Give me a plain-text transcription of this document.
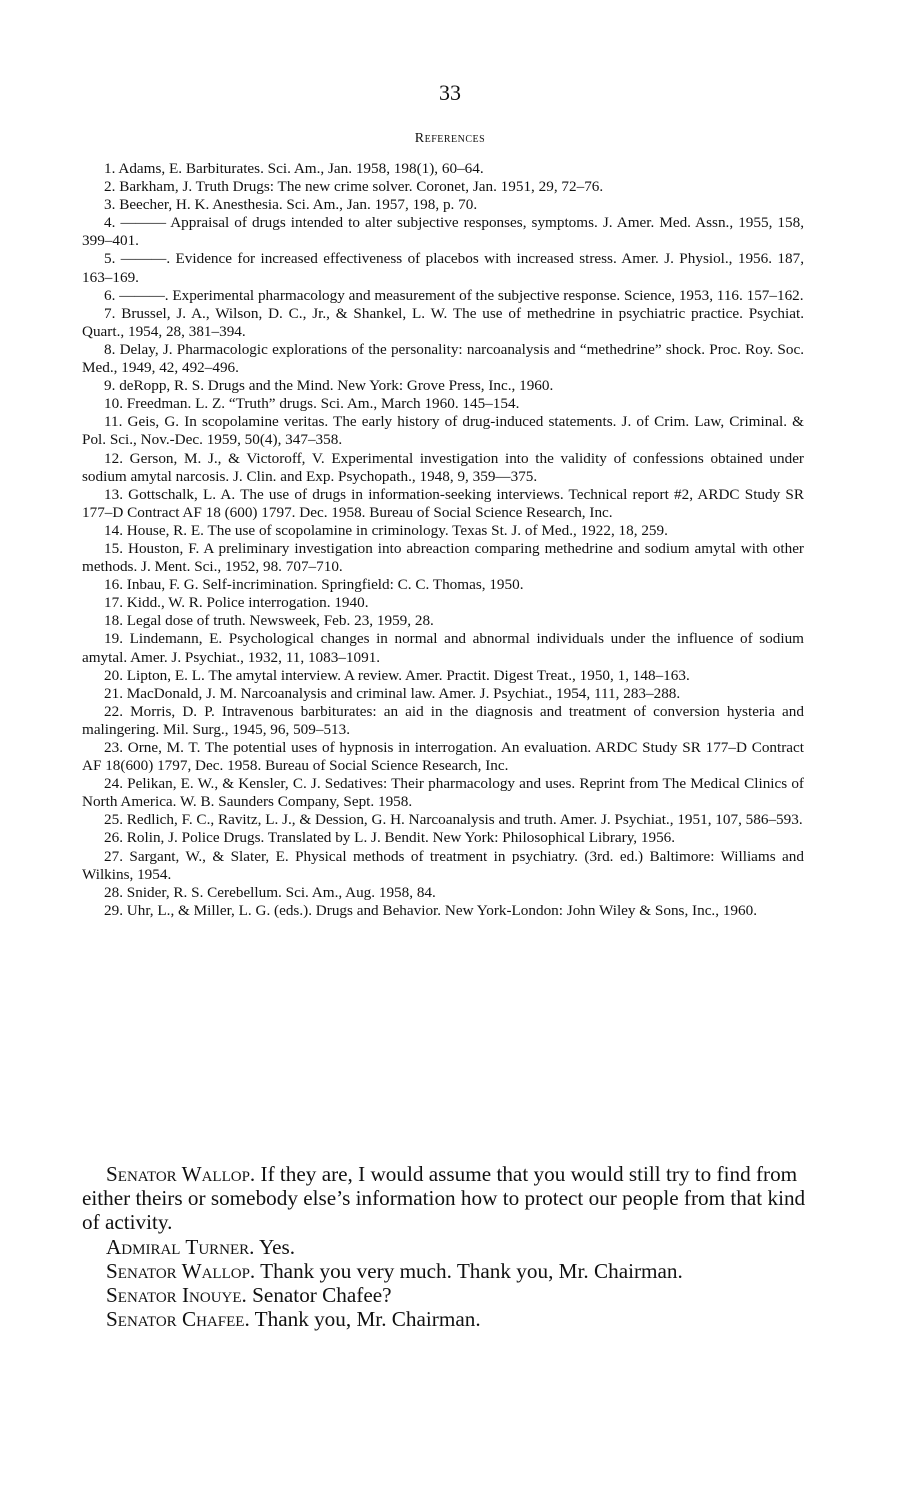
33
References

1. Adams, E. Barbiturates. Sci. Am., Jan. 1958, 198(1), 60–64.

2. Barkham, J. Truth Drugs: The new crime solver. Coronet, Jan. 1951, 29, 72–76.

3. Beecher, H. K. Anesthesia. Sci. Am., Jan. 1957, 198, p. 70.

4. ——— Appraisal of drugs intended to alter subjective responses, symptoms. J. Amer. Med. Assn., 1955, 158, 399–401.

5. ———. Evidence for increased effectiveness of placebos with increased stress. Amer. J. Physiol., 1956. 187, 163–169.

6. ———. Experimental pharmacology and measurement of the subjective response. Science, 1953, 116. 157–162.

7. Brussel, J. A., Wilson, D. C., Jr., & Shankel, L. W. The use of methedrine in psychiatric practice. Psychiat. Quart., 1954, 28, 381–394.

8. Delay, J. Pharmacologic explorations of the personality: narcoanalysis and “methedrine” shock. Proc. Roy. Soc. Med., 1949, 42, 492–496.

9. deRopp, R. S. Drugs and the Mind. New York: Grove Press, Inc., 1960.

10. Freedman. L. Z. “Truth” drugs. Sci. Am., March 1960. 145–154.

11. Geis, G. In scopolamine veritas. The early history of drug-induced statements. J. of Crim. Law, Criminal. & Pol. Sci., Nov.-Dec. 1959, 50(4), 347–358.

12. Gerson, M. J., & Victoroff, V. Experimental investigation into the validity of confessions obtained under sodium amytal narcosis. J. Clin. and Exp. Psychopath., 1948, 9, 359—375.

13. Gottschalk, L. A. The use of drugs in information-seeking interviews. Technical report #2, ARDC Study SR 177–D Contract AF 18 (600) 1797. Dec. 1958. Bureau of Social Science Research, Inc.

14. House, R. E. The use of scopolamine in criminology. Texas St. J. of Med., 1922, 18, 259.

15. Houston, F. A preliminary investigation into abreaction comparing methedrine and sodium amytal with other methods. J. Ment. Sci., 1952, 98. 707–710.

16. Inbau, F. G. Self-incrimination. Springfield: C. C. Thomas, 1950.

17. Kidd., W. R. Police interrogation. 1940.

18. Legal dose of truth. Newsweek, Feb. 23, 1959, 28.

19. Lindemann, E. Psychological changes in normal and abnormal individuals under the influence of sodium amytal. Amer. J. Psychiat., 1932, 11, 1083–1091.

20. Lipton, E. L. The amytal interview. A review. Amer. Practit. Digest Treat., 1950, 1, 148–163.

21. MacDonald, J. M. Narcoanalysis and criminal law. Amer. J. Psychiat., 1954, 111, 283–288.

22. Morris, D. P. Intravenous barbiturates: an aid in the diagnosis and treatment of conversion hysteria and malingering. Mil. Surg., 1945, 96, 509–513.

23. Orne, M. T. The potential uses of hypnosis in interrogation. An evaluation. ARDC Study SR 177–D Contract AF 18(600) 1797, Dec. 1958. Bureau of Social Science Research, Inc.

24. Pelikan, E. W., & Kensler, C. J. Sedatives: Their pharmacology and uses. Reprint from The Medical Clinics of North America. W. B. Saunders Company, Sept. 1958.

25. Redlich, F. C., Ravitz, L. J., & Dession, G. H. Narcoanalysis and truth. Amer. J. Psychiat., 1951, 107, 586–593.

26. Rolin, J. Police Drugs. Translated by L. J. Bendit. New York: Philosophical Library, 1956.

27. Sargant, W., & Slater, E. Physical methods of treatment in psychiatry. (3rd. ed.) Baltimore: Williams and Wilkins, 1954.

28. Snider, R. S. Cerebellum. Sci. Am., Aug. 1958, 84.

29. Uhr, L., & Miller, L. G. (eds.). Drugs and Behavior. New York-London: John Wiley & Sons, Inc., 1960.

Senator Wallop. If they are, I would assume that you would still try to find from either theirs or somebody else’s information how to protect our people from that kind of activity.

Admiral Turner. Yes.

Senator Wallop. Thank you very much. Thank you, Mr. Chairman.

Senator Inouye. Senator Chafee?

Senator Chafee. Thank you, Mr. Chairman.
